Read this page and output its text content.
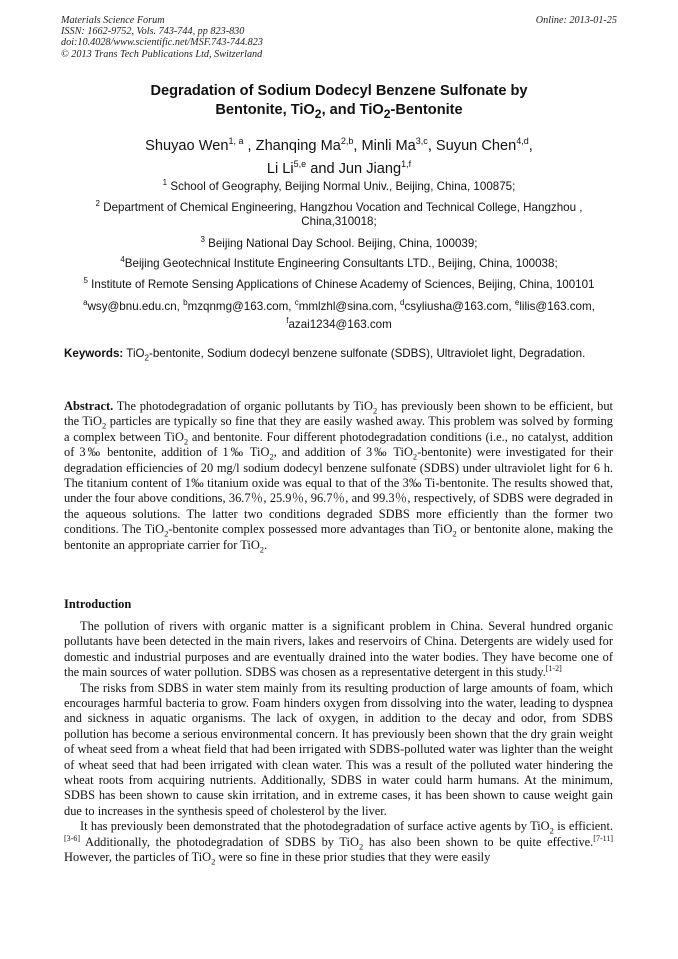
Materials Science Forum
ISSN: 1662-9752, Vols. 743-744, pp 823-830
doi:10.4028/www.scientific.net/MSF.743-744.823
© 2013 Trans Tech Publications Ltd, Switzerland
Online: 2013-01-25
Degradation of Sodium Dodecyl Benzene Sulfonate by
Bentonite, TiO$_2$, and TiO$_2$-Bentonite
Shuyao Wen$^{1, a}$ , Zhanqing Ma$^{2,b}$, Minli Ma$^{3,c}$, Suyun Chen$^{4,d}$,
Li Li$^{5,e}$ and Jun Jiang$^{1,f}$
$^1$ School of Geography, Beijing Normal Univ., Beijing, China, 100875;
$^2$ Department of Chemical Engineering, Hangzhou Vocation and Technical College, Hangzhou , China,310018;
$^3$ Beijing National Day School. Beijing, China, 100039;
$^4$Beijing Geotechnical Institute Engineering Consultants LTD., Beijing, China, 100038;
$^5$ Institute of Remote Sensing Applications of Chinese Academy of Sciences, Beijing, China, 100101
$^a$wsy@bnu.edu.cn, $^b$mzqnmg@163.com, $^c$mmlzhl@sina.com, $^d$csyliusha@163.com, $^e$lilis@163.com, $^f$azai1234@163.com
Keywords: TiO$_2$-bentonite, Sodium dodecyl benzene sulfonate (SDBS), Ultraviolet light, Degradation.
Abstract. The photodegradation of organic pollutants by TiO$_2$ has previously been shown to be efficient, but the TiO$_2$ particles are typically so fine that they are easily washed away. This problem was solved by forming a complex between TiO$_2$ and bentonite. Four different photodegradation conditions (i.e., no catalyst, addition of 3‰ bentonite, addition of 1‰ TiO$_2$, and addition of 3‰ TiO$_2$-bentonite) were investigated for their degradation efficiencies of 20 mg/l sodium dodecyl benzene sulfonate (SDBS) under ultraviolet light for 6 h. The titanium content of 1‰ titanium oxide was equal to that of the 3‰ Ti-bentonite. The results showed that, under the four above conditions, 36.7％, 25.9％, 96.7％, and 99.3％, respectively, of SDBS were degraded in the aqueous solutions. The latter two conditions degraded SDBS more efficiently than the former two conditions. The TiO$_2$-bentonite complex possessed more advantages than TiO$_2$ or bentonite alone, making the bentonite an appropriate carrier for TiO$_2$.
Introduction

The pollution of rivers with organic matter is a significant problem in China. Several hundred organic pollutants have been detected in the main rivers, lakes and reservoirs of China. Detergents are widely used for domestic and industrial purposes and are eventually drained into the water bodies. They have become one of the main sources of water pollution. SDBS was chosen as a representative detergent in this study.[1-2]

The risks from SDBS in water stem mainly from its resulting production of large amounts of foam, which encourages harmful bacteria to grow. Foam hinders oxygen from dissolving into the water, leading to dyspnea and sickness in aquatic organisms. The lack of oxygen, in addition to the decay and odor, from SDBS pollution has become a serious environmental concern. It has previously been shown that the dry grain weight of wheat seed from a wheat field that had been irrigated with SDBS-polluted water was lighter than the weight of wheat seed that had been irrigated with clean water. This was a result of the polluted water hindering the wheat roots from acquiring nutrients. Additionally, SDBS in water could harm humans. At the minimum, SDBS has been shown to cause skin irritation, and in extreme cases, it has been shown to cause weight gain due to increases in the synthesis speed of cholesterol by the liver.

It has previously been demonstrated that the photodegradation of surface active agents by TiO$_2$ is efficient.[3-6] Additionally, the photodegradation of SDBS by TiO$_2$ has also been shown to be quite effective.[7-11] However, the particles of TiO$_2$ were so fine in these prior studies that they were easily
